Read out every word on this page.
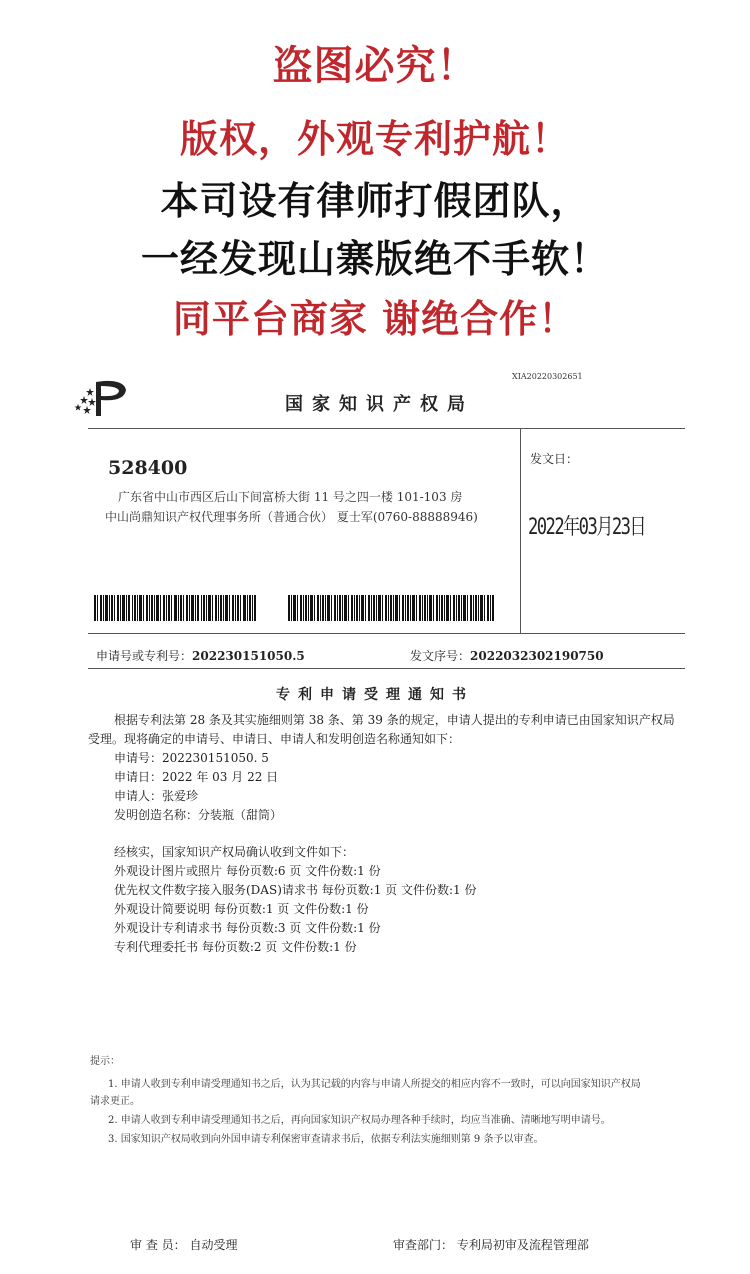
盗图必究！
版权，外观专利护航！
本司设有律师打假团队，
一经发现山寨版绝不手软！
同平台商家 谢绝合作！
XIA20220302651
国家知识产权局
528400
广东省中山市西区后山下间富桥大街 11 号之四一楼 101-103 房
中山尚鼎知识产权代理事务所（普通合伙） 夏士军(0760-88888946)
发文日：
2022年03月23日
申请号或专利号：202230151050.5	发文序号：2022032302190750
专利申请受理通知书
根据专利法第 28 条及其实施细则第 38 条、第 39 条的规定，申请人提出的专利申请已由国家知识产权局
受理。现将确定的申请号、申请日、申请人和发明创造名称通知如下：
申请号：202230151050. 5
申请日：2022 年 03 月 22 日
申请人：张爱珍
发明创造名称：分装瓶（甜筒）
经核实，国家知识产权局确认收到文件如下：
外观设计图片或照片 每份页数:6 页 文件份数:1 份
优先权文件数字接入服务(DAS)请求书 每份页数:1 页 文件份数:1 份
外观设计简要说明 每份页数:1 页 文件份数:1 份
外观设计专利请求书 每份页数:3 页 文件份数:1 份
专利代理委托书 每份页数:2 页 文件份数:1 份
提示：
1. 申请人收到专利申请受理通知书之后，认为其记载的内容与申请人所提交的相应内容不一致时，可以向国家知识产权局
请求更正。
2. 申请人收到专利申请受理通知书之后，再向国家知识产权局办理各种手续时，均应当准确、清晰地写明申请号。
3. 国家知识产权局收到向外国申请专利保密审查请求书后，依据专利法实施细则第 9 条予以审查。
审 查 员： 自动受理	审查部门： 专利局初审及流程管理部
